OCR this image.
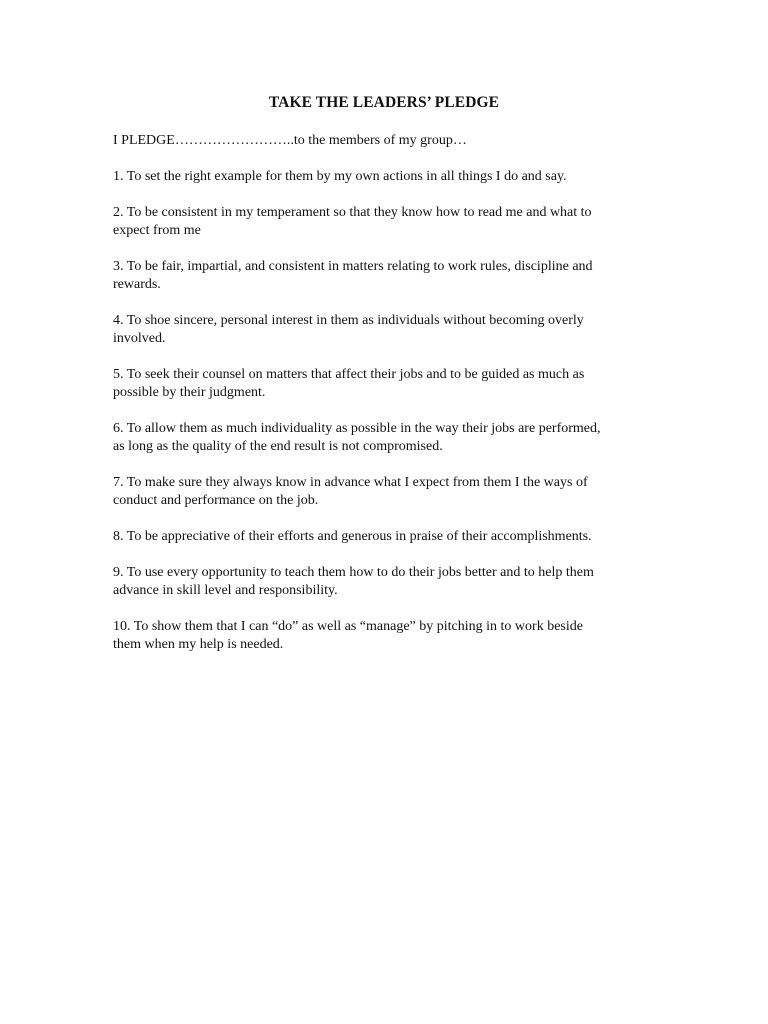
TAKE THE LEADERS’ PLEDGE
I PLEDGE……………………..to the members of my group…
1. To set the right example for them by my own actions in all things I do and say.
2. To be consistent in my temperament so that they know how to read me and what to
expect from me
3. To be fair, impartial, and consistent in matters relating to work rules, discipline and
rewards.
4. To shoe sincere, personal interest in them as individuals without becoming overly
involved.
5. To seek their counsel on matters that affect their jobs and to be guided as much as
possible by their judgment.
6. To allow them as much individuality as possible in the way their jobs are performed,
as long as the quality of the end result is not compromised.
7. To make sure they always know in advance what I expect from them I the ways of
conduct and performance on the job.
8. To be appreciative of their efforts and generous in praise of their accomplishments.
9. To use every opportunity to teach them how to do their jobs better and to help them
advance in skill level and responsibility.
10. To show them that I can “do” as well as “manage” by pitching in to work beside
them when my help is needed.
